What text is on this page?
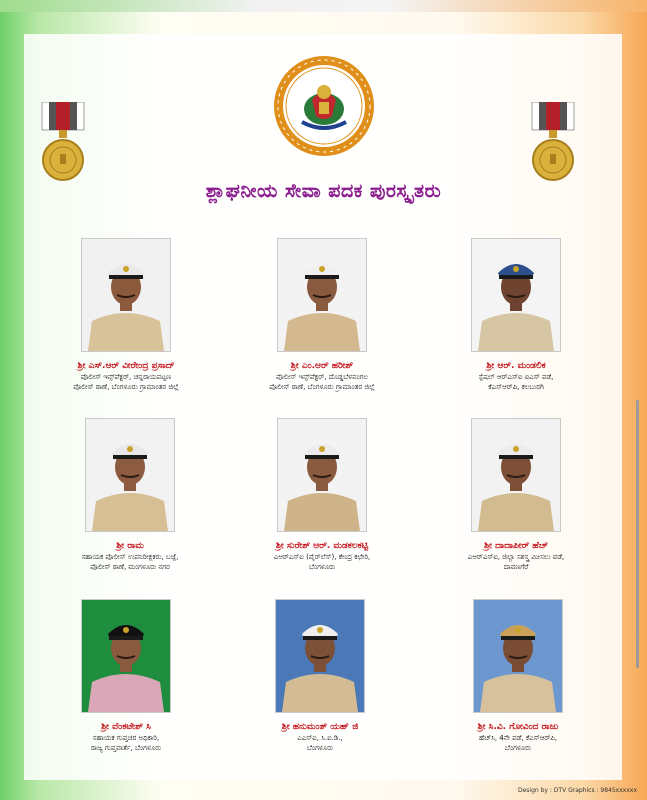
ಶ್ಲಾಘನೀಯ ಸೇವಾ ಪದಕ ಪುರಸ್ಕೃತರು
ಶ್ರೀ ಎಸ್.ಆರ್ ವೀರೇಂದ್ರ ಪ್ರಸಾದ್
ಪೊಲೀಸ್ ಇನ್ಸ್‌ಪೆಕ್ಟರ್, ಚನ್ನರಾಯಪಟ್ಟಣ
ಪೊಲೀಸ್ ಠಾಣೆ, ಬೆಂಗಳೂರು ಗ್ರಾಮಾಂತರ ಜಿಲ್ಲೆ
ಶ್ರೀ ಎಂ.ಆರ್ ಹರೀಶ್
ಪೊಲೀಸ್ ಇನ್ಸ್‌ಪೆಕ್ಟರ್, ದೊಡ್ಡಬೆಳವಂಗಲ
ಪೊಲೀಸ್ ಠಾಣೆ, ಬೆಂಗಳೂರು ಗ್ರಾಮಾಂತರ ಜಿಲ್ಲೆ
ಶ್ರೀ ಆರ್. ಮಂಡಲಿಕ
ಸ್ಪೆಷಲ್ ಆರ್‌ಎಸ್‌ಐ ಐಎಸ್ ಪಡೆ,
ಕೆಎಸ್‌ಆರ್‌ಪಿ, ಕಲಬುರಗಿ
ಶ್ರೀ ರಾಮ
ಸಹಾಯಕ ಪೊಲೀಸ್ ಉಪನಿರೀಕ್ಷಕರು, ಬಜ್ಪೆ,
ಪೊಲೀಸ್ ಠಾಣೆ, ಮಂಗಳೂರು ನಗರ
ಶ್ರೀ ಸುರೇಶ್ ಆರ್. ಮಡಕಲಕಟ್ಟಿ
ಎಆರ್‌ಎಸ್‌ಐ (ವೈರ್‌ಲೆಸ್), ಕೇಂದ್ರ ಕಛೇರಿ,
ಬೆಂಗಳೂರು
ಶ್ರೀ ದಾದಾಪೀರ್ ಹೆಚ್
ಎಆರ್‌ಎಸ್‌ಐ, ಜಿಲ್ಲಾ ಸಶಸ್ತ್ರ ಮೀಸಲು ಪಡೆ,
ದಾವಣಗೆರೆ
ಶ್ರೀ ವೆಂಕಟೇಶ್ ಸಿ
ಸಹಾಯಕ ಗುಪ್ತಚರ ಅಧಿಕಾರಿ,
ರಾಜ್ಯ ಗುಪ್ತವಾರ್ತೆ, ಬೆಂಗಳೂರು
ಶ್ರೀ ಹನುಮಂತ್ ಯಹ್ ಜಿ
ಎಎಸ್‌ಐ, ಸಿ.ಐ.ಡಿ.,
ಬೆಂಗಳೂರು
ಶ್ರೀ ಸಿ.ವಿ. ಗೋವಿಂದ ರಾಜು
ಹೆಚ್‌ಸಿ, 4ನೇ ಪಡೆ, ಕೆಎಸ್‌ಆರ್‌ಪಿ,
ಬೆಂಗಳೂರು
Design by : DTV Graphics : 9845xxxxxx
